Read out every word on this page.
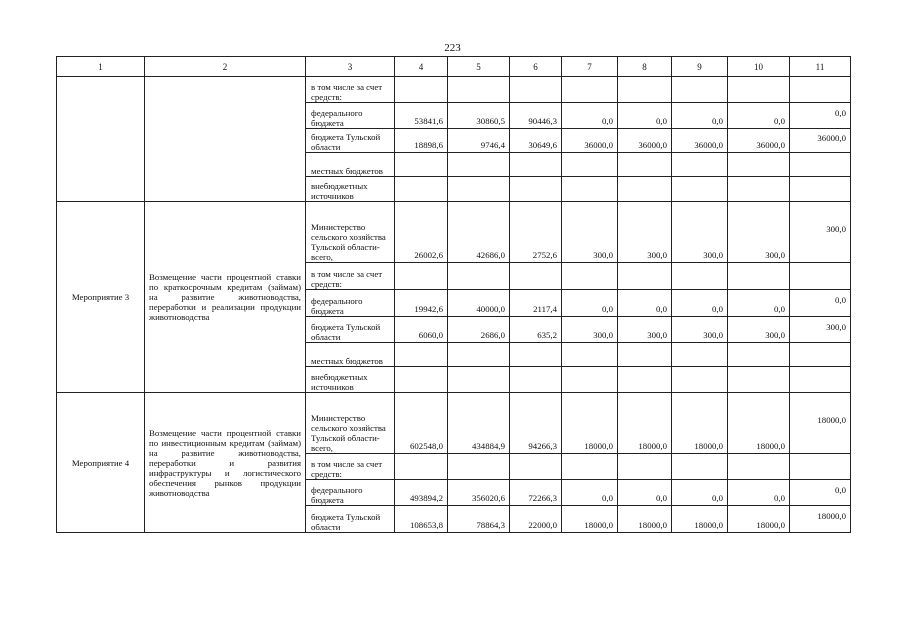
223
1	2	3	4	5	6	7	8	9	10	11
		в том числе за счет средств:								
		федерального бюджета	53841,6	30860,5	90446,3	0,0	0,0	0,0	0,0	0,0
		бюджета Тульской области	18898,6	9746,4	30649,6	36000,0	36000,0	36000,0	36000,0	36000,0
		местных бюджетов								
		внебюджетных источников								
Мероприятие 3	Возмещение части процентной ставки по краткосрочным кредитам (займам) на развитие животноводства, переработки и реализации продукции животноводства	Министерство сельского хозяйства Тульской области-всего,	26002,6	42686,0	2752,6	300,0	300,0	300,0	300,0	300,0
		в том числе за счет средств:								
		федерального бюджета	19942,6	40000,0	2117,4	0,0	0,0	0,0	0,0	0,0
		бюджета Тульской области	6060,0	2686,0	635,2	300,0	300,0	300,0	300,0	300,0
		местных бюджетов								
		внебюджетных источников								
Мероприятие 4	Возмещение части процентной ставки по инвестиционным кредитам (займам) на развитие животноводства, переработки и развития инфраструктуры и логистического обеспечения рынков продукции животноводства	Министерство сельского хозяйства Тульской области-всего,	602548,0	434884,9	94266,3	18000,0	18000,0	18000,0	18000,0	18000,0
		в том числе за счет средств:								
		федерального бюджета	493894,2	356020,6	72266,3	0,0	0,0	0,0	0,0	0,0
		бюджета Тульской области	108653,8	78864,3	22000,0	18000,0	18000,0	18000,0	18000,0	18000,0
